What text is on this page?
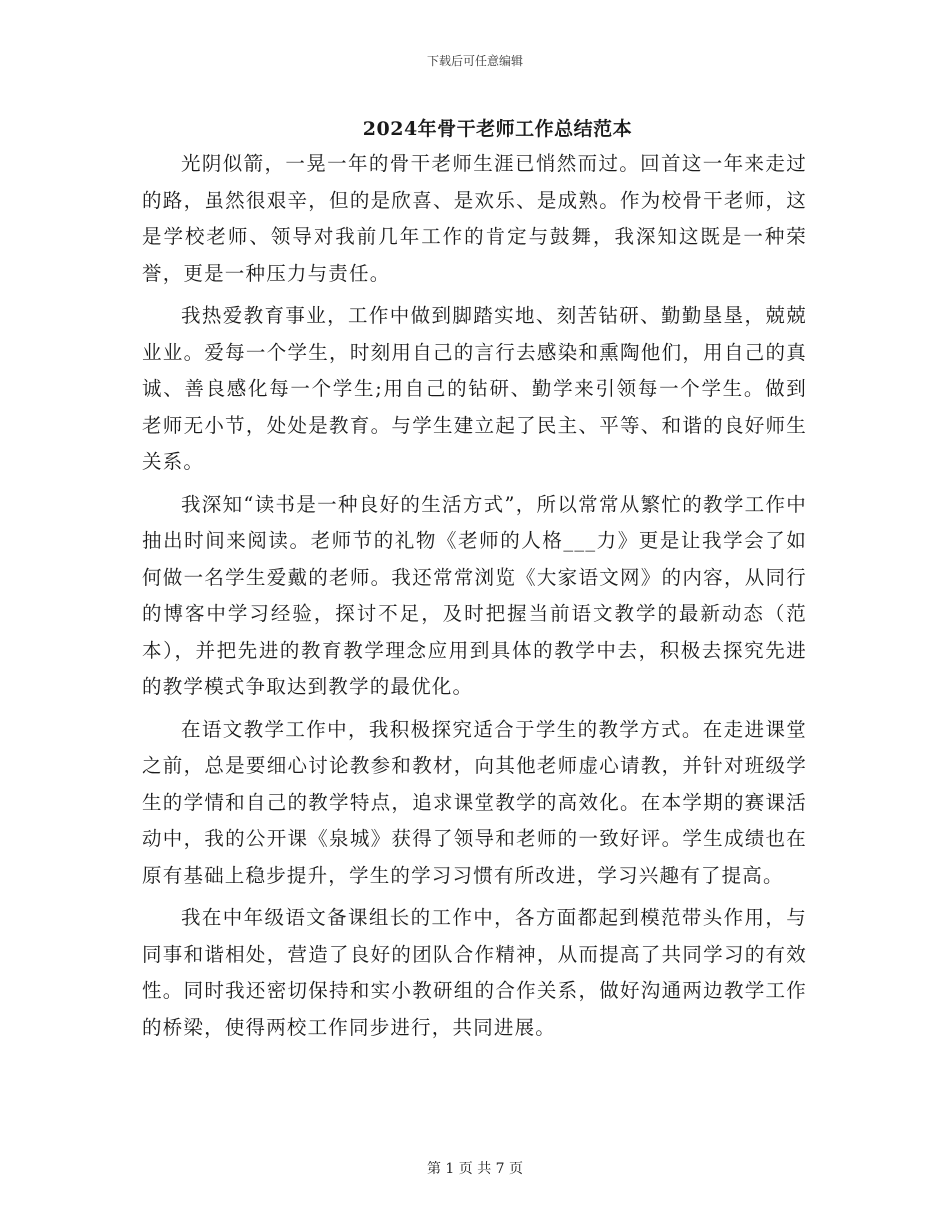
下载后可任意编辑
2024年骨干老师工作总结范本

光阴似箭，一晃一年的骨干老师生涯已悄然而过。回首这一年来走过的路，虽然很艰辛，但的是欣喜、是欢乐、是成熟。作为校骨干老师，这是学校老师、领导对我前几年工作的肯定与鼓舞，我深知这既是一种荣誉，更是一种压力与责任。

我热爱教育事业，工作中做到脚踏实地、刻苦钻研、勤勤垦垦，兢兢业业。爱每一个学生，时刻用自己的言行去感染和熏陶他们，用自己的真诚、善良感化每一个学生;用自己的钻研、勤学来引领每一个学生。做到老师无小节，处处是教育。与学生建立起了民主、平等、和谐的良好师生关系。

我深知“读书是一种良好的生活方式”，所以常常从繁忙的教学工作中抽出时间来阅读。老师节的礼物《老师的人格___力》更是让我学会了如何做一名学生爱戴的老师。我还常常浏览《大家语文网》的内容，从同行的博客中学习经验，探讨不足，及时把握当前语文教学的最新动态（范本），并把先进的教育教学理念应用到具体的教学中去，积极去探究先进的教学模式争取达到教学的最优化。

在语文教学工作中，我积极探究适合于学生的教学方式。在走进课堂之前，总是要细心讨论教参和教材，向其他老师虚心请教，并针对班级学生的学情和自己的教学特点，追求课堂教学的高效化。在本学期的赛课活动中，我的公开课《泉城》获得了领导和老师的一致好评。学生成绩也在原有基础上稳步提升，学生的学习习惯有所改进，学习兴趣有了提高。

我在中年级语文备课组长的工作中，各方面都起到模范带头作用，与同事和谐相处，营造了良好的团队合作精神，从而提高了共同学习的有效性。同时我还密切保持和实小教研组的合作关系，做好沟通两边教学工作的桥梁，使得两校工作同步进行，共同进展。

第 1 页 共 7 页
